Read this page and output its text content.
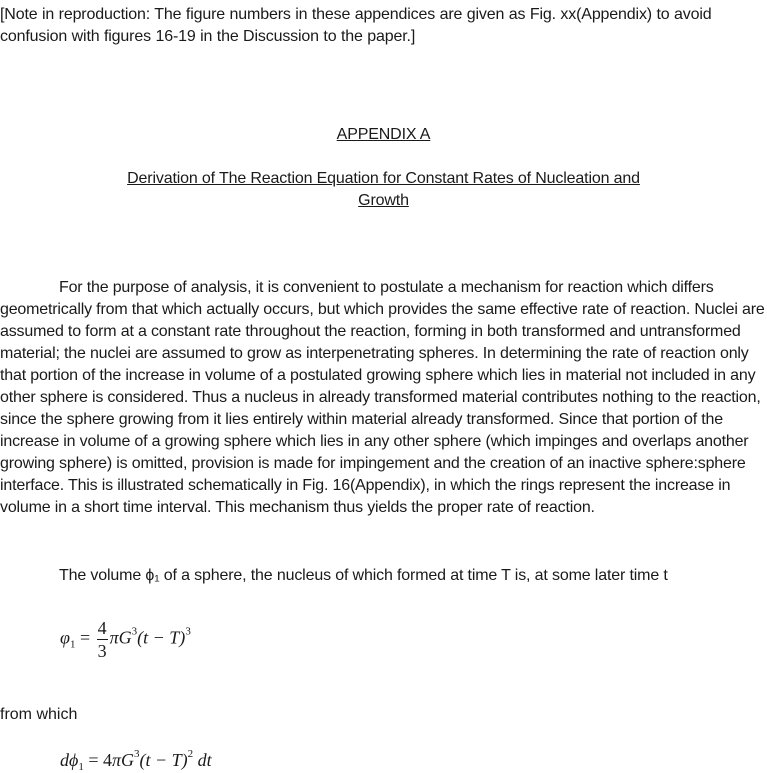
[Note in reproduction: The figure numbers in these appendices are given as Fig. xx(Appendix) to avoid confusion with figures 16-19 in the Discussion to the paper.]
APPENDIX A
Derivation of The Reaction Equation for Constant Rates of Nucleation and Growth
For the purpose of analysis, it is convenient to postulate a mechanism for reaction which differs geometrically from that which actually occurs, but which provides the same effective rate of reaction. Nuclei are assumed to form at a constant rate throughout the reaction, forming in both transformed and untransformed material; the nuclei are assumed to grow as interpenetrating spheres. In determining the rate of reaction only that portion of the increase in volume of a postulated growing sphere which lies in material not included in any other sphere is considered. Thus a nucleus in already transformed material contributes nothing to the reaction, since the sphere growing from it lies entirely within material already transformed. Since that portion of the increase in volume of a growing sphere which lies in any other sphere (which impinges and overlaps another growing sphere) is omitted, provision is made for impingement and the creation of an inactive sphere:sphere interface. This is illustrated schematically in Fig. 16(Appendix), in which the rings represent the increase in volume in a short time interval. This mechanism thus yields the proper rate of reaction.
The volume ϕ₁ of a sphere, the nucleus of which formed at time T is, at some later time t
$\varphi_1 = \frac{4}{3} \pi G^3(t - T)^3$
from which
$d\phi_1 = 4\pi G^3(t - T)^2$ dt
